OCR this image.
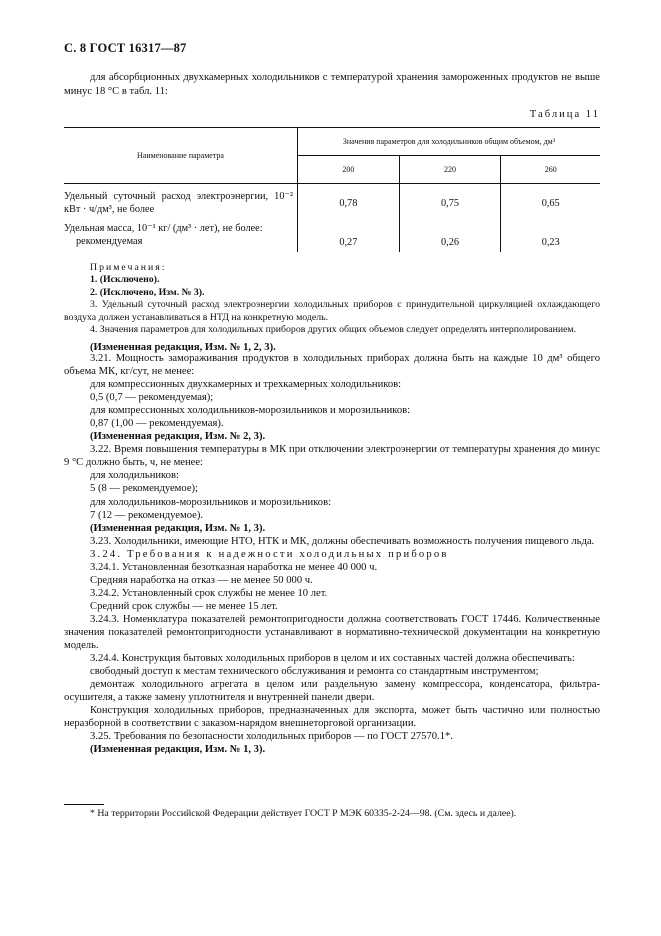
С. 8 ГОСТ 16317—87

для абсорбционных двухкамерных холодильников с температурой хранения замороженных продуктов не выше минус 18 °С в табл. 11:

Таблица 11
Наименование параметра	Значения параметров для холодильников общим объемом, дм³		
	200	220	260
Удельный суточный расход электроэнергии, 10⁻² кВт · ч/дм³, не более	0,78	0,75	0,65

Удельная масса, 10⁻¹ кг/ (дм³ · лет), не более:
рекомендуемая	0,27	0,26	0,23

Примечания:

1. (Исключено).

2. (Исключено, Изм. № 3).

3. Удельный суточный расход электроэнергии холодильных приборов с принудительной циркуляцией охлаждающего воздуха должен устанавливаться в НТД на конкретную модель.

4. Значения параметров для холодильных приборов других общих объемов следует определять интерполированием.

(Измененная редакция, Изм. № 1, 2, 3).

3.21. Мощность замораживания продуктов в холодильных приборах должна быть на каждые 10 дм³ общего объема МК, кг/сут, не менее:

для компрессионных двухкамерных и трехкамерных холодильников:

0,5 (0,7 — рекомендуемая);

для компрессионных холодильников-морозильников и морозильников:

0,87 (1,00 — рекомендуемая).

(Измененная редакция, Изм. № 2, 3).

3.22. Время повышения температуры в МК при отключении электроэнергии от температуры хранения до минус 9 °С должно быть, ч, не менее:

для холодильников:

5 (8 — рекомендуемое);

для холодильников-морозильников и морозильников:

7 (12 — рекомендуемое).

(Измененная редакция, Изм. № 1, 3).

3.23. Холодильники, имеющие НТО, НТК и МК, должны обеспечивать возможность получения пищевого льда.

3.24. Требования к надежности холодильных приборов

3.24.1. Установленная безотказная наработка не менее 40 000 ч.

Средняя наработка на отказ — не менее 50 000 ч.

3.24.2. Установленный срок службы не менее 10 лет.

Средний срок службы — не менее 15 лет.

3.24.3. Номенклатура показателей ремонтопригодности должна соответствовать ГОСТ 17446. Количественные значения показателей ремонтопригодности устанавливают в нормативно-технической документации на конкретную модель.

3.24.4. Конструкция бытовых холодильных приборов в целом и их составных частей должна обеспечивать:

свободный доступ к местам технического обслуживания и ремонта со стандартным инструментом;

демонтаж холодильного агрегата в целом или раздельную замену компрессора, конденсатора, фильтра-осушителя, а также замену уплотнителя и внутренней панели двери.

Конструкция холодильных приборов, предназначенных для экспорта, может быть частично или полностью неразборной в соответствии с заказом-нарядом внешнеторговой организации.

3.25. Требования по безопасности холодильных приборов — по ГОСТ 27570.1*.

(Измененная редакция, Изм. № 1, 3).

* На территории Российской Федерации действует ГОСТ Р МЭК 60335-2-24—98. (См. здесь и далее).
